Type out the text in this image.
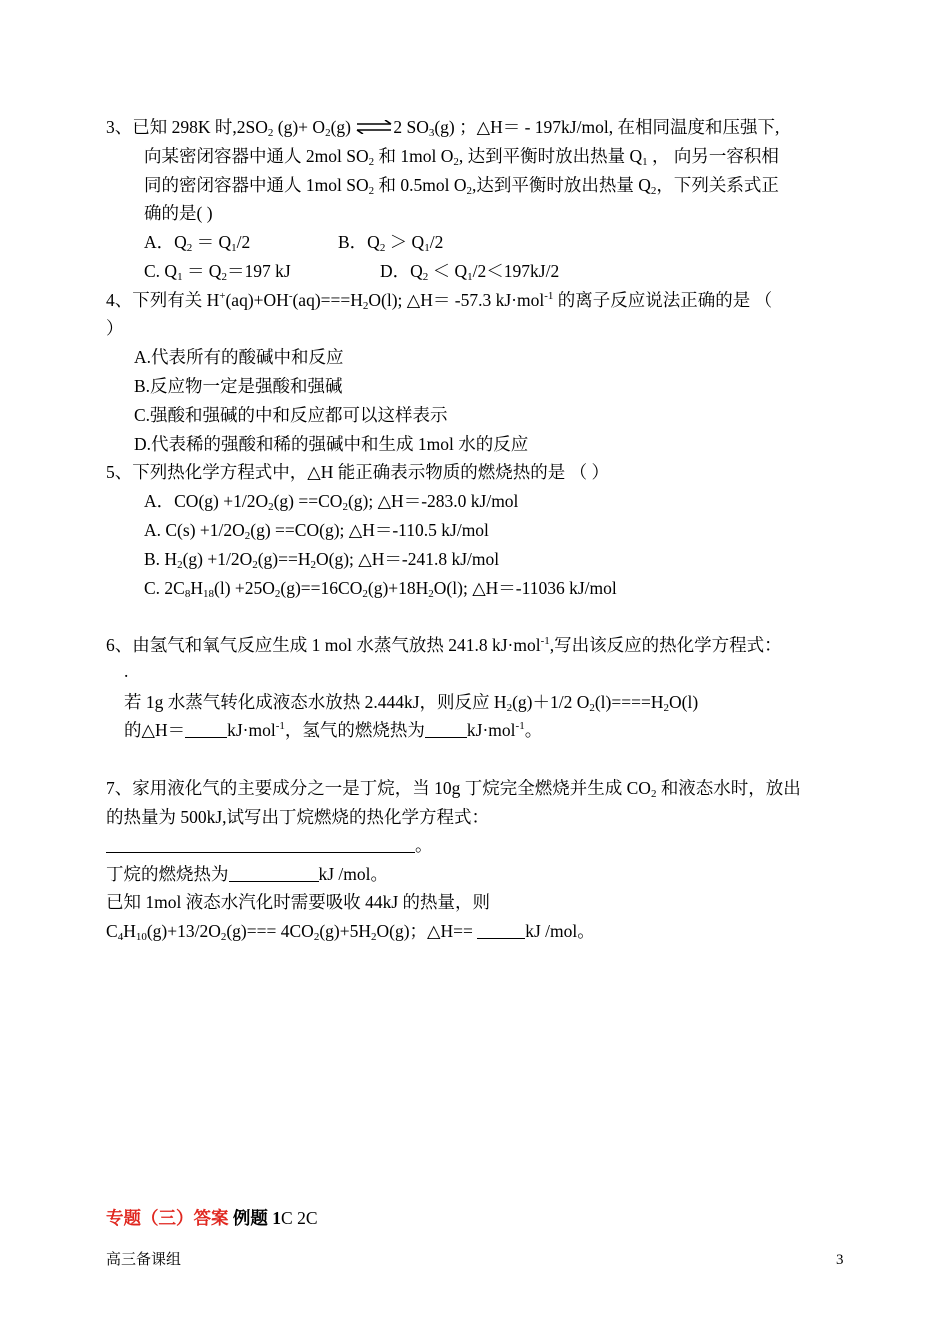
3、已知 298K 时$,2SO_2$ $(g)+ O_2(g)$ ⇌2 $SO_3(g)$ ；△H＝ - 197kJ/mol, 在相同温度和压强下,
向某密闭容器中通人 2mol $SO_2$ 和 1mol $O_2$, 达到平衡时放出热量 $Q_1$ ， 向另一容积相
同的密闭容器中通人 1mol $SO_2$ 和 0.5mol $O_2$,达到平衡时放出热量 $Q_2$，下列关系式正
确的是( )
A．$Q_2 = Q_1/2$	B．$Q_2 > Q_1/2$
C. $Q_1 = Q_2=197$ kJ	D．$Q_2 < Q_1/2<197kJ/2$
4、下列有关 $H^+(aq)+OH^-(aq)===H_2O(l)$; △H＝ -57.3 kJ·mol$^{-1}$ 的离子反应说法正确的是 （
）
A.代表所有的酸碱中和反应
B.反应物一定是强酸和强碱
C.强酸和强碱的中和反应都可以这样表示
D.代表稀的强酸和稀的强碱中和生成 1mol 水的反应
5、下列热化学方程式中，△H 能正确表示物质的燃烧热的是 （ ）
A．$CO(g) +1/2O_2(g) ==CO_2(g)$; △H＝-283.0 kJ/mol
A. $C(s) +1/2O_2(g) ==CO(g)$; △H＝-110.5 kJ/mol
B. $H_2(g) +1/2O_2(g)==H_2O(g)$; △H＝-241.8 kJ/mol
C. $2C_8H_{18}(l) +25O_2(g)==16CO_2(g)+18H_2O(l)$; △H＝-11036 kJ/mol
6、由氢气和氧气反应生成 1 mol 水蒸气放热 241.8 kJ·mol$^{-1}$,写出该反应的热化学方程式：
.
若 1g 水蒸气转化成液态水放热 2.444kJ，则反应 $H_2(g)+1/2$ $O_2(l)====H_2O(l)$
的△H＝ kJ·mol$^{-1}$，氢气的燃烧热为 kJ·mol$^{-1}$。
7、家用液化气的主要成分之一是丁烷，当 10g 丁烷完全燃烧并生成 $CO_2$ 和液态水时，放出
的热量为 500kJ,试写出丁烷燃烧的热化学方程式：
。
丁烷的燃烧热为	kJ /mol。
已知 1mol 液态水汽化时需要吸收 44kJ 的热量，则
$C_4H_{10}(g)+13/2O_2(g)=== 4CO_2(g)+5H_2O(g)$；△H==	kJ /mol。
专题（三）答案 例题 1C 2C
高三备课组	3
